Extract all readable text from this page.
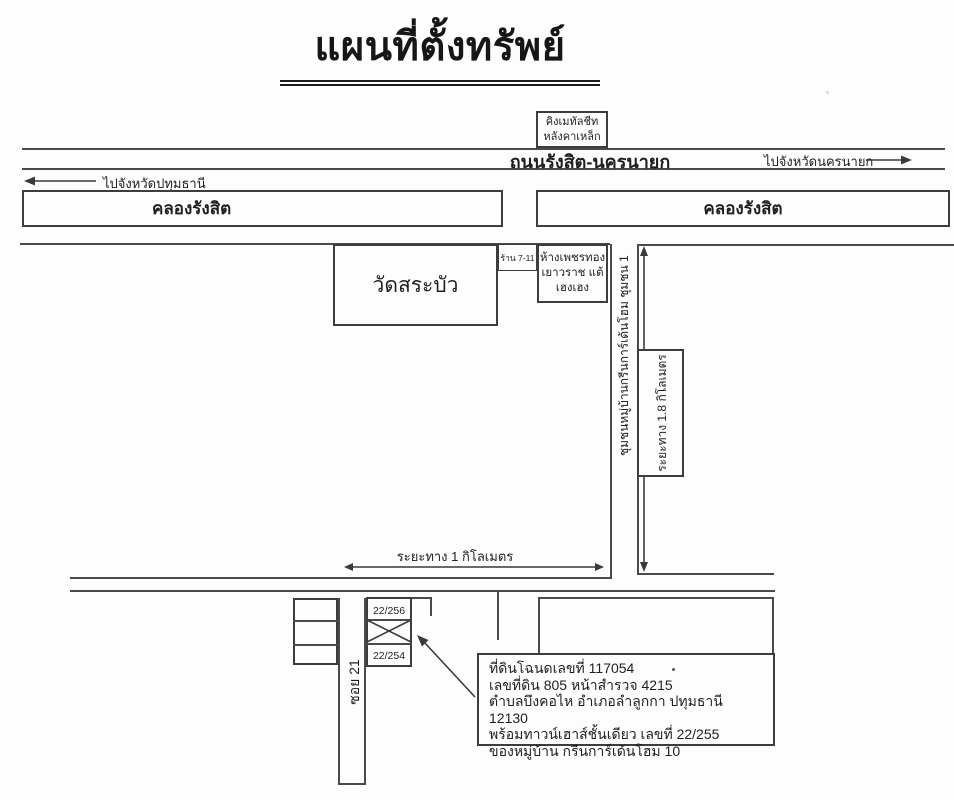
แผนที่ตั้งทรัพย์
คิงเมทัลชีท
หลังคาเหล็ก
ถนนรังสิต-นครนายก	ไปจังหวัดนครนายก
ไปจังหวัดปทุมธานี
คลองรังสิต	คลองรังสิต
วัดสระบัว
ร้าน 7-11 ห้างเพชรทอง
เยาวราช แต้
เฮงเฮง	ชุมชนหมู่บ้านกรีนการ์เด้นโฮม ชุมชน 1
ระยะทาง 1 กิโลเมตร
ซอย 21
22/256
22/254
ระยะทาง 1.8 กิโลเมตร
ที่ดินโฉนดเลขที่ 117054
เลขที่ดิน 805 หน้าสำรวจ 4215
ตำบลบึงคอไห อำเภอลำลูกกา ปทุมธานี 12130
พร้อมทาวน์เฮาส์ชั้นเดียว เลขที่ 22/255
ของหมู่บ้าน กรีนการ์เด้นโฮม 10
